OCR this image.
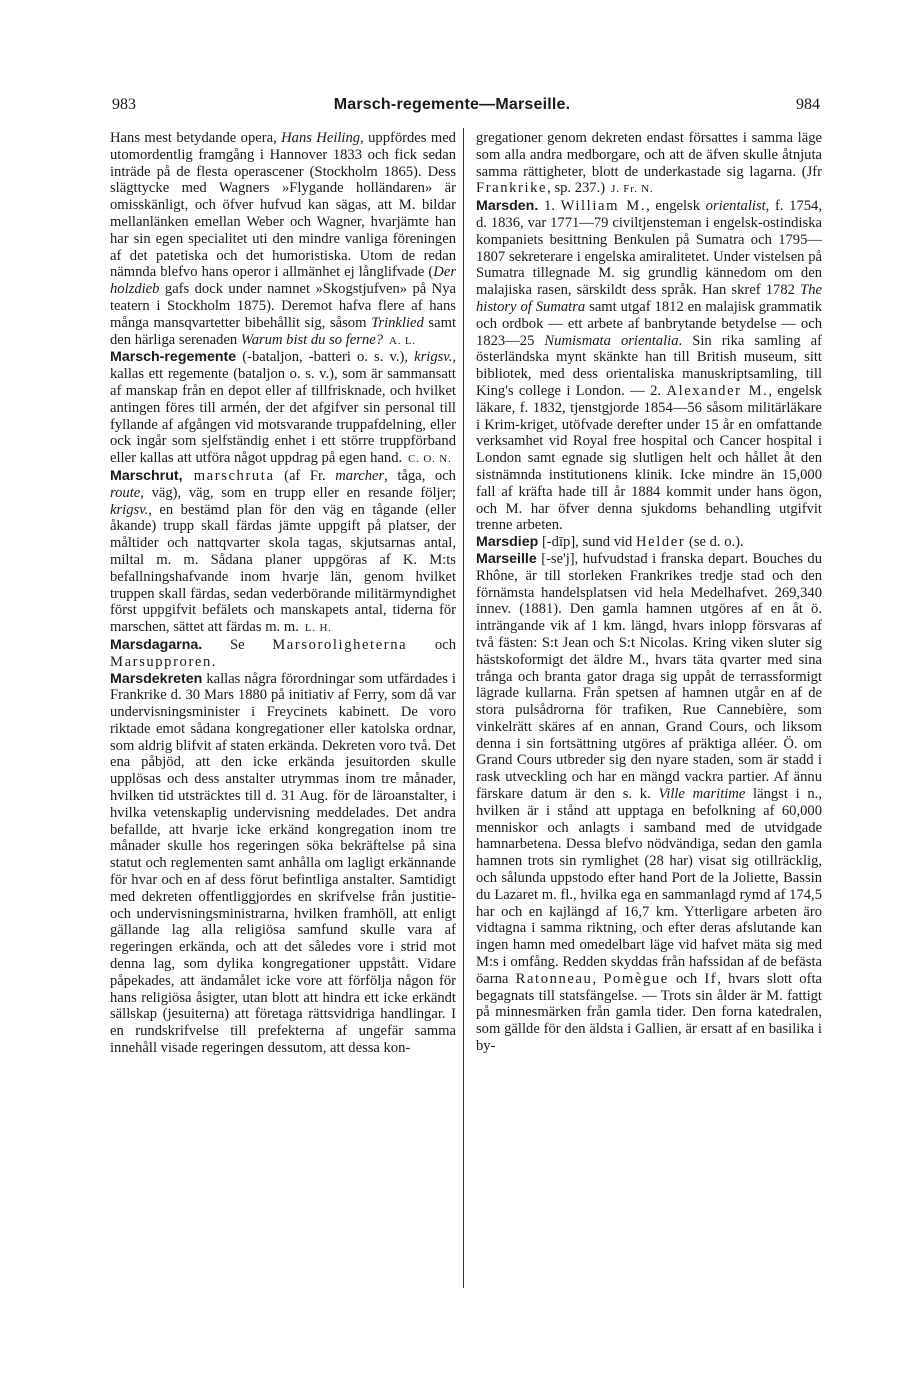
983	Marsch-regemente—Marseille.	984

Hans mest betydande opera, Hans Heiling, uppfördes med utomordentlig framgång i Hannover 1833 och fick sedan inträde på de flesta operascener (Stockholm 1865). Dess slägttycke med Wagners »Flygande holländaren» är omisskänligt, och öfver hufvud kan sägas, att M. bildar mellanlänken emellan Weber och Wagner, hvarjämte han har sin egen specialitet uti den mindre vanliga föreningen af det patetiska och det humoristiska. Utom de redan nämnda blefvo hans operor i allmänhet ej långlifvade (Der holzdieb gafs dock under namnet »Skogstjufven» på Nya teatern i Stockholm 1875). Deremot hafva flere af hans många mansqvartetter bibehållit sig, såsom Trinklied samt den härliga serenaden Warum bist du so ferne? A. L.

Marsch-regemente (-bataljon, -batteri o. s. v.), krigsv., kallas ett regemente (bataljon o. s. v.), som är sammansatt af manskap från en depot eller af tillfrisknade, och hvilket antingen föres till armén, der det afgifver sin personal till fyllande af afgången vid motsvarande truppafdelning, eller ock ingår som sjelfständig enhet i ett större truppförband eller kallas att utföra något uppdrag på egen hand. C. O. N.

Marschrut, marschruta (af Fr. marcher, tåga, och route, väg), väg, som en trupp eller en resande följer; krigsv., en bestämd plan för den väg en tågande (eller åkande) trupp skall färdas jämte uppgift på platser, der måltider och nattqvarter skola tagas, skjutsarnas antal, miltal m. m. Sådana planer uppgöras af K. M:ts befallningshafvande inom hvarje län, genom hvilket truppen skall färdas, sedan vederbörande militärmyndighet först uppgifvit befälets och manskapets antal, tiderna för marschen, sättet att färdas m. m. L. H.

Marsdagarna. Se Marsoroligheterna och Marsupproren.

Marsdekreten kallas några förordningar som utfärdades i Frankrike d. 30 Mars 1880 på initiativ af Ferry, som då var undervisningsminister i Freycinets kabinett. De voro riktade emot sådana kongregationer eller katolska ordnar, som aldrig blifvit af staten erkända. Dekreten voro två. Det ena påbjöd, att den icke erkända jesuitorden skulle upplösas och dess anstalter utrymmas inom tre månader, hvilken tid utsträcktes till d. 31 Aug. för de läroanstalter, i hvilka vetenskaplig undervisning meddelades. Det andra befallde, att hvarje icke erkänd kongregation inom tre månader skulle hos regeringen söka bekräftelse på sina statut och reglementen samt anhålla om lagligt erkännande för hvar och en af dess förut befintliga anstalter. Samtidigt med dekreten offentliggjordes en skrifvelse från justitie- och undervisningsministrarna, hvilken framhöll, att enligt gällande lag alla religiösa samfund skulle vara af regeringen erkända, och att det således vore i strid mot denna lag, som dylika kongregationer uppstått. Vidare påpekades, att ändamålet icke vore att förfölja någon för hans religiösa åsigter, utan blott att hindra ett icke erkändt sällskap (jesuiterna) att företaga rättsvidriga handlingar. I en rundskrifvelse till prefekterna af ungefär samma innehåll visade regeringen dessutom, att dessa kon-

gregationer genom dekreten endast försattes i samma läge som alla andra medborgare, och att de äfven skulle åtnjuta samma rättigheter, blott de underkastade sig lagarna. (Jfr Frankrike, sp. 237.) J. Fr. N.

Marsden. 1. William M., engelsk orientalist, f. 1754, d. 1836, var 1771—79 civiltjensteman i engelsk-ostindiska kompaniets besittning Benkulen på Sumatra och 1795—1807 sekreterare i engelska amiralitetet. Under vistelsen på Sumatra tillegnade M. sig grundlig kännedom om den malajiska rasen, särskildt dess språk. Han skref 1782 The history of Sumatra samt utgaf 1812 en malajisk grammatik och ordbok — ett arbete af banbrytande betydelse — och 1823—25 Numismata orientalia. Sin rika samling af österländska mynt skänkte han till British museum, sitt bibliotek, med dess orientaliska manuskriptsamling, till King's college i London. — 2. Alexander M., engelsk läkare, f. 1832, tjenstgjorde 1854—56 såsom militärläkare i Krim-kriget, utöfvade derefter under 15 år en omfattande verksamhet vid Royal free hospital och Cancer hospital i London samt egnade sig slutligen helt och hållet åt den sistnämnda institutionens klinik. Icke mindre än 15,000 fall af kräfta hade till år 1884 kommit under hans ögon, och M. har öfver denna sjukdoms behandling utgifvit trenne arbeten.

Marsdiep [-dīp], sund vid Helder (se d. o.).

Marseille [-se'j], hufvudstad i franska depart. Bouches du Rhône, är till storleken Frankrikes tredje stad och den förnämsta handelsplatsen vid hela Medelhafvet. 269,340 innev. (1881). Den gamla hamnen utgöres af en åt ö. inträngande vik af 1 km. längd, hvars inlopp försvaras af två fästen: S:t Jean och S:t Nicolas. Kring viken sluter sig hästskoformigt det äldre M., hvars täta qvarter med sina trånga och branta gator draga sig uppåt de terrassformigt lägrade kullarna. Från spetsen af hamnen utgår en af de stora pulsådrorna för trafiken, Rue Cannebière, som vinkelrätt skäres af en annan, Grand Cours, och liksom denna i sin fortsättning utgöres af präktiga alléer. Ö. om Grand Cours utbreder sig den nyare staden, som är stadd i rask utveckling och har en mängd vackra partier. Af ännu färskare datum är den s. k. Ville maritime längst i n., hvilken är i stånd att upptaga en befolkning af 60,000 menniskor och anlagts i samband med de utvidgade hamnarbetena. Dessa blefvo nödvändiga, sedan den gamla hamnen trots sin rymlighet (28 har) visat sig otillräcklig, och sålunda uppstodo efter hand Port de la Joliette, Bassin du Lazaret m. fl., hvilka ega en sammanlagd rymd af 174,5 har och en kajlängd af 16,7 km. Ytterligare arbeten äro vidtagna i samma riktning, och efter deras afslutande kan ingen hamn med omedelbart läge vid hafvet mäta sig med M:s i omfång. Redden skyddas från hafssidan af de befästa öarna Ratonneau, Pomègue och If, hvars slott ofta begagnats till statsfängelse. — Trots sin ålder är M. fattigt på minnesmärken från gamla tider. Den forna katedralen, som gällde för den äldsta i Gallien, är ersatt af en basilika i by-
